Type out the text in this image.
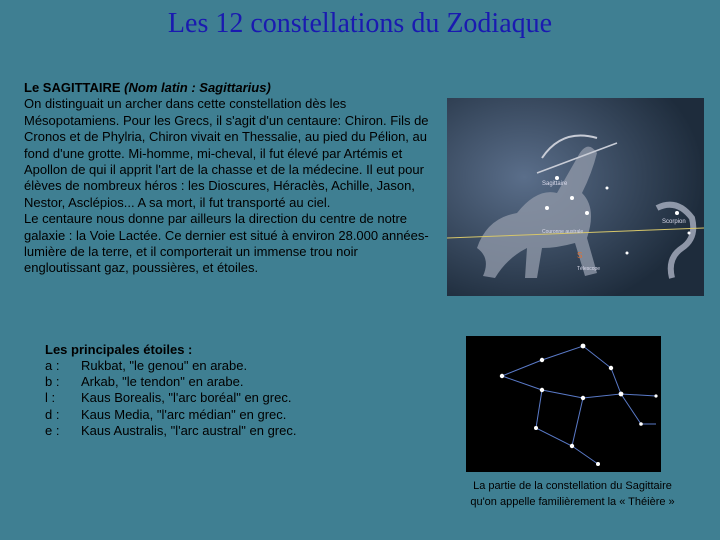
Les 12 constellations du Zodiaque

Le SAGITTAIRE (Nom latin : Sagittarius)

On distinguait un archer dans cette constellation dès les Mésopotamiens. Pour les Grecs, il s'agit d'un centaure: Chiron. Fils de Cronos et de Phylria, Chiron vivait en Thessalie, au pied du Pélion, au fond d'une grotte. Mi-homme, mi-cheval, il fut élevé par Artémis et Apollon de qui il apprit l'art de la chasse et de la médecine. Il eut pour élèves de nombreux héros : les Dioscures, Héraclès, Achille, Jason, Nestor, Asclépios... A sa mort, il fut transporté au ciel.

Le centaure nous donne par ailleurs la direction du centre de notre galaxie : la Voie Lactée. Ce dernier est situé à environ 28.000 années-lumière de la terre, et il comporterait un immense trou noir engloutissant gaz, poussières, et étoiles.

Sagittaire
Couronne australe
Scorpion
Télescope
S
Les principales étoiles :
a :	Rukbat, "le genou" en arabe.
b :	Arkab, "le tendon" en arabe.
l :	Kaus Borealis, "l'arc boréal" en grec.
d :	Kaus Media, "l'arc médian" en grec.
e :	Kaus Australis, "l'arc austral" en grec.
La partie de la constellation du Sagittaire
qu'on appelle familièrement la « Théière »
